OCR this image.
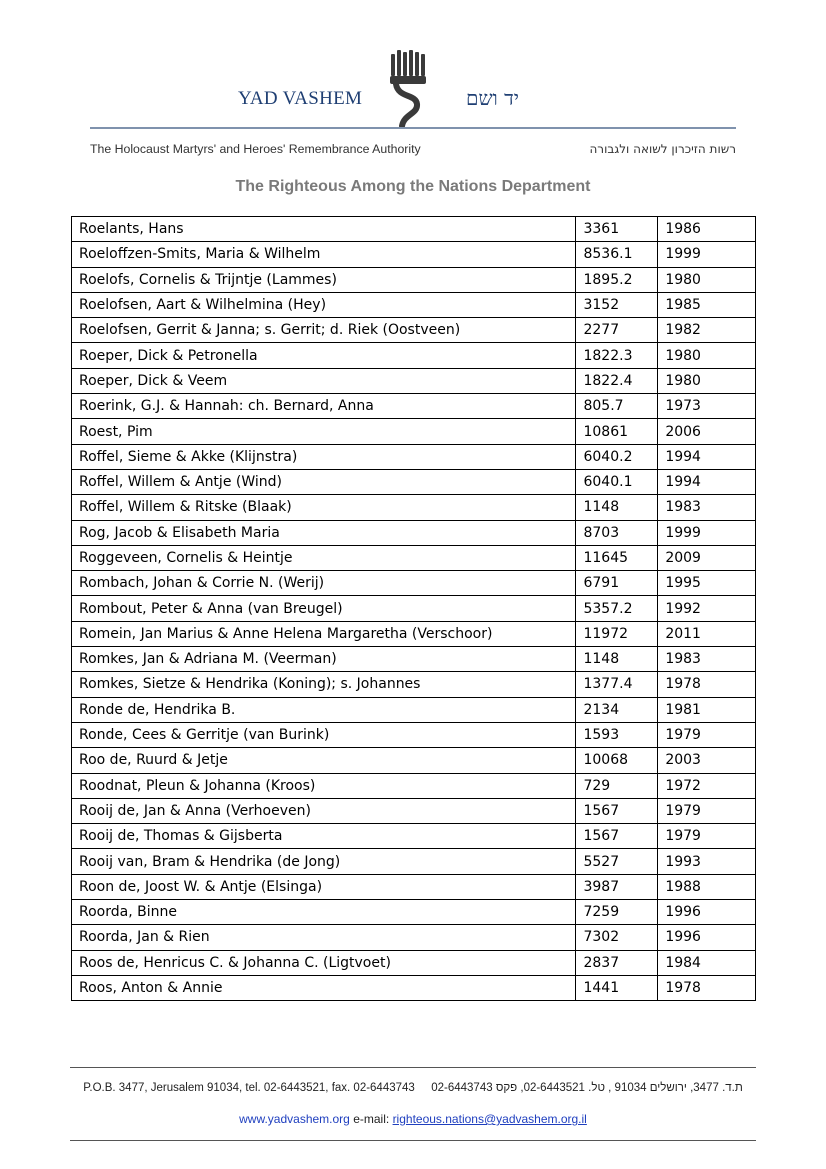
YAD VASHEM	יד ושם
The Holocaust Martyrs' and Heroes' Remembrance Authority	רשות הזיכרון לשואה ולגבורה
The Righteous Among the Nations Department
Roelants, Hans	3361	1986
Roeloffzen-Smits, Maria & Wilhelm	8536.1	1999
Roelofs, Cornelis & Trijntje (Lammes)	1895.2	1980
Roelofsen, Aart & Wilhelmina (Hey)	3152	1985
Roelofsen, Gerrit & Janna; s. Gerrit; d. Riek (Oostveen)	2277	1982
Roeper, Dick & Petronella	1822.3	1980
Roeper, Dick & Veem	1822.4	1980
Roerink, G.J. & Hannah: ch. Bernard, Anna	805.7	1973
Roest, Pim	10861	2006
Roffel, Sieme & Akke (Klijnstra)	6040.2	1994
Roffel, Willem & Antje (Wind)	6040.1	1994
Roffel, Willem & Ritske (Blaak)	1148	1983
Rog, Jacob & Elisabeth Maria	8703	1999
Roggeveen, Cornelis & Heintje	11645	2009
Rombach, Johan & Corrie N. (Werij)	6791	1995
Rombout, Peter & Anna (van Breugel)	5357.2	1992
Romein, Jan Marius & Anne Helena Margaretha (Verschoor)	11972	2011
Romkes, Jan & Adriana M. (Veerman)	1148	1983
Romkes, Sietze & Hendrika (Koning); s. Johannes	1377.4	1978
Ronde de, Hendrika B.	2134	1981
Ronde, Cees & Gerritje (van Burink)	1593	1979
Roo de, Ruurd & Jetje	10068	2003
Roodnat, Pleun & Johanna (Kroos)	729	1972
Rooij de, Jan & Anna (Verhoeven)	1567	1979
Rooij de, Thomas & Gijsberta	1567	1979
Rooij van, Bram & Hendrika (de Jong)	5527	1993
Roon de, Joost W. & Antje (Elsinga)	3987	1988
Roorda, Binne	7259	1996
Roorda, Jan & Rien	7302	1996
Roos de, Henricus C. & Johanna C. (Ligtvoet)	2837	1984
Roos, Anton & Annie	1441	1978
P.O.B. 3477, Jerusalem 91034, tel. 02-6443521, fax. 02-6443743 ת.ד. 3477, ירושלים 91034 , טל. 02-6443521, פקס 02-6443743
www.yadvashem.org e-mail: righteous.nations@yadvashem.org.il
